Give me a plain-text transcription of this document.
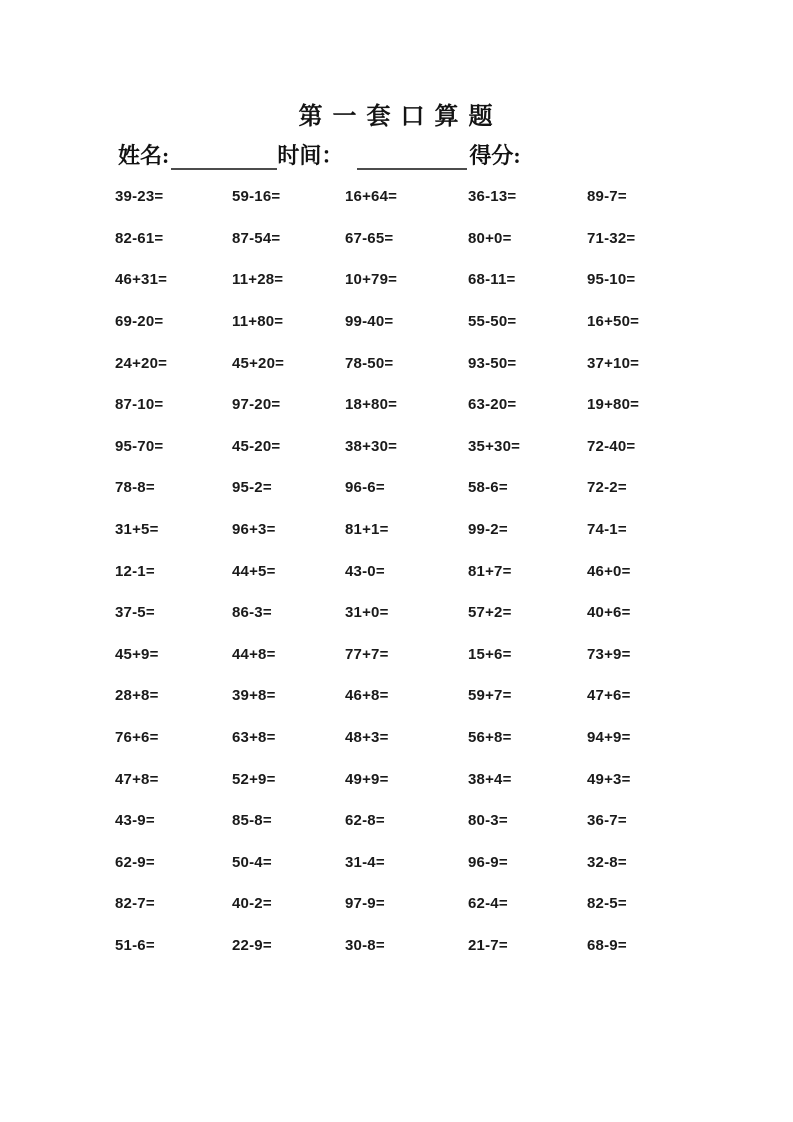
第 一 套 口 算 题
姓名:	时间：	得分:
39-23=	59-16=	16+64=	36-13=	89-7=
82-61=	87-54=	67-65=	80+0=	71-32=
46+31=	11+28=	10+79=	68-11=	95-10=
69-20=	11+80=	99-40=	55-50=	16+50=
24+20=	45+20=	78-50=	93-50=	37+10=
87-10=	97-20=	18+80=	63-20=	19+80=
95-70=	45-20=	38+30=	35+30=	72-40=
78-8=	95-2=	96-6=	58-6=	72-2=
31+5=	96+3=	81+1=	99-2=	74-1=
12-1=	44+5=	43-0=	81+7=	46+0=
37-5=	86-3=	31+0=	57+2=	40+6=
45+9=	44+8=	77+7=	15+6=	73+9=
28+8=	39+8=	46+8=	59+7=	47+6=
76+6=	63+8=	48+3=	56+8=	94+9=
47+8=	52+9=	49+9=	38+4=	49+3=
43-9=	85-8=	62-8=	80-3=	36-7=
62-9=	50-4=	31-4=	96-9=	32-8=
82-7=	40-2=	97-9=	62-4=	82-5=
51-6=	22-9=	30-8=	21-7=	68-9=
